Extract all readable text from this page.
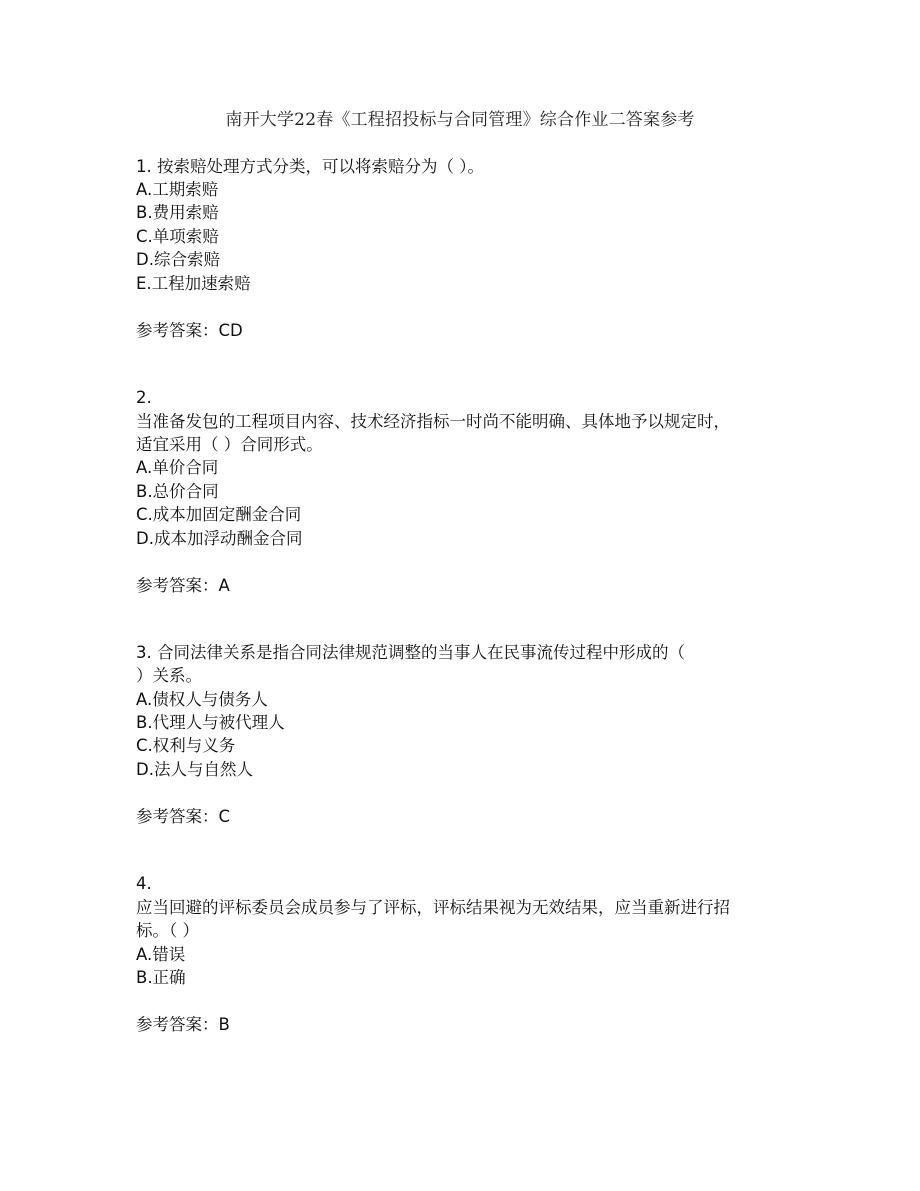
南开大学22春《工程招投标与合同管理》综合作业二答案参考
1. 按索赔处理方式分类，可以将索赔分为（ ）。
A.工期索赔
B.费用索赔
C.单项索赔
D.综合索赔
E.工程加速索赔
参考答案：CD
2.
当准备发包的工程项目内容、技术经济指标一时尚不能明确、具体地予以规定时，
适宜采用（ ）合同形式。
A.单价合同
B.总价合同
C.成本加固定酬金合同
D.成本加浮动酬金合同
参考答案：A
3. 合同法律关系是指合同法律规范调整的当事人在民事流传过程中形成的（
）关系。
A.债权人与债务人
B.代理人与被代理人
C.权利与义务
D.法人与自然人
参考答案：C
4.
应当回避的评标委员会成员参与了评标，评标结果视为无效结果，应当重新进行招
标。（ ）
A.错误
B.正确
参考答案：B
